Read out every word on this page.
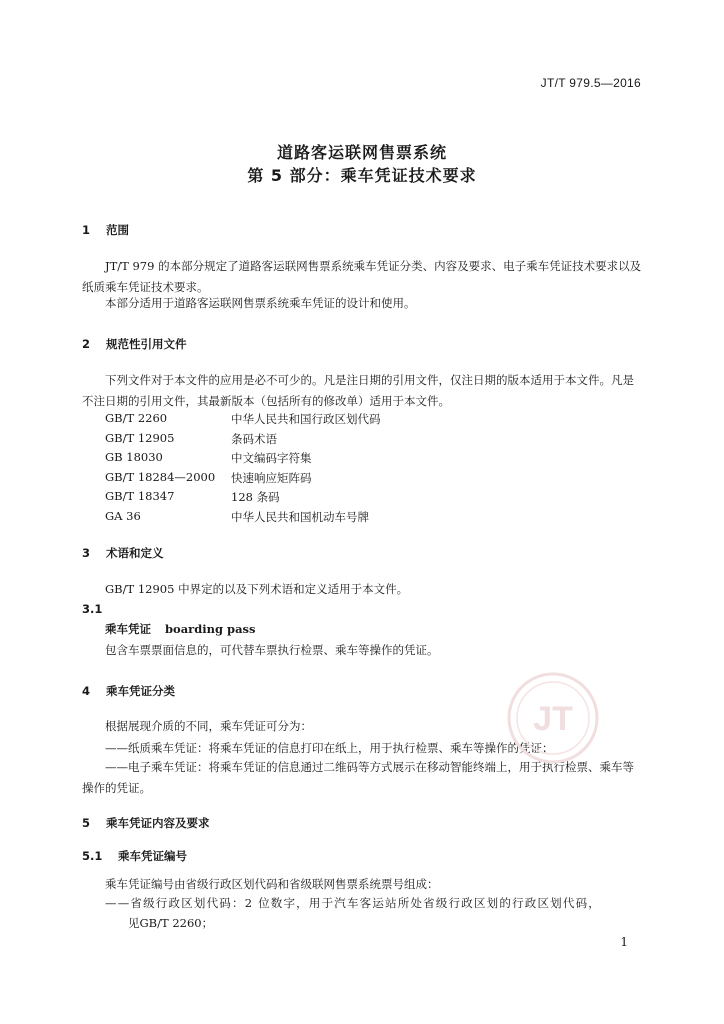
JT/T 979.5—2016
道路客运联网售票系统
第 5 部分：乘车凭证技术要求
1 范围
JT/T 979 的本部分规定了道路客运联网售票系统乘车凭证分类、内容及要求、电子乘车凭证技术要求以及纸质乘车凭证技术要求。
本部分适用于道路客运联网售票系统乘车凭证的设计和使用。
2 规范性引用文件
下列文件对于本文件的应用是必不可少的。凡是注日期的引用文件，仅注日期的版本适用于本文件。凡是不注日期的引用文件，其最新版本（包括所有的修改单）适用于本文件。
GB/T 2260	中华人民共和国行政区划代码
GB/T 12905	条码术语
GB 18030	中文编码字符集
GB/T 18284—2000	快速响应矩阵码
GB/T 18347	128 条码
GA 36	中华人民共和国机动车号牌
3 术语和定义
GB/T 12905 中界定的以及下列术语和定义适用于本文件。
3.1
乘车凭证 boarding pass
包含车票票面信息的，可代替车票执行检票、乘车等操作的凭证。
4 乘车凭证分类
根据展现介质的不同，乘车凭证可分为：
——纸质乘车凭证：将乘车凭证的信息打印在纸上，用于执行检票、乘车等操作的凭证；
——电子乘车凭证：将乘车凭证的信息通过二维码等方式展示在移动智能终端上，用于执行检票、乘车等操作的凭证。
JT
5 乘车凭证内容及要求
5.1 乘车凭证编号
乘车凭证编号由省级行政区划代码和省级联网售票系统票号组成：
——省级行政区划代码：2 位数字，用于汽车客运站所处省级行政区划的行政区划代码，
见GB/T 2260；
1
